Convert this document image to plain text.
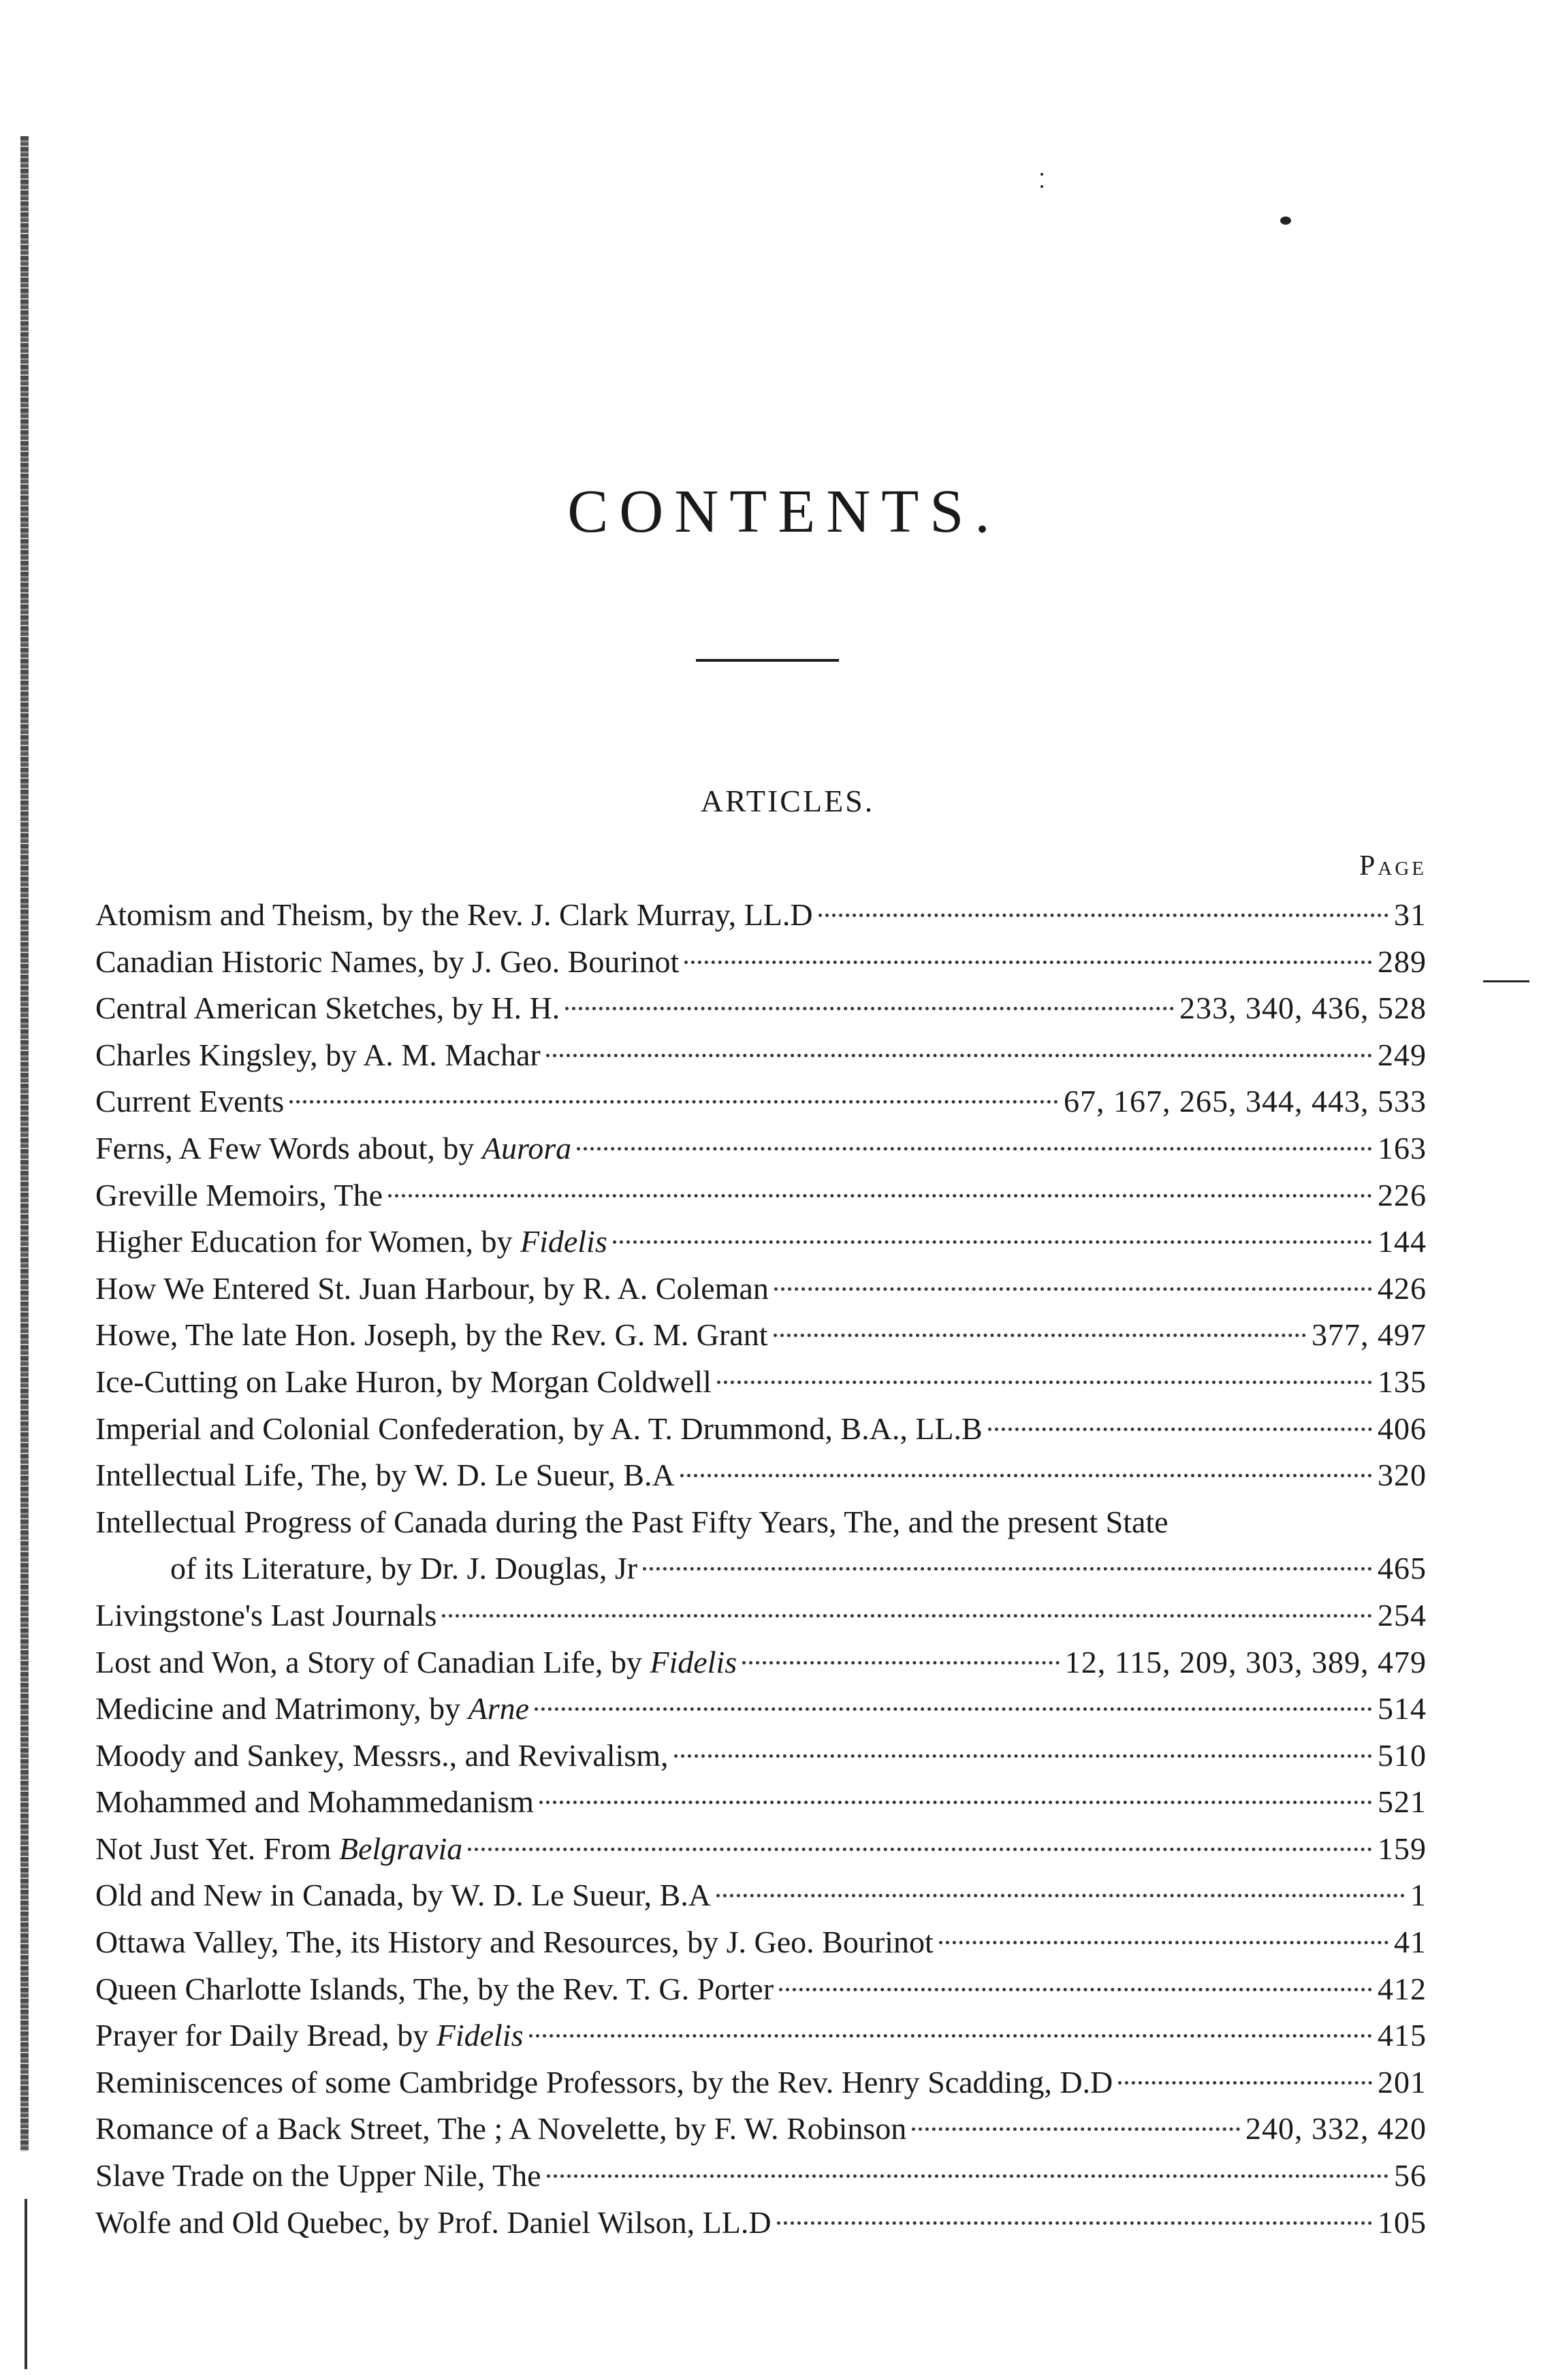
CONTENTS.
ARTICLES.
Page
Atomism and Theism, by the Rev. J. Clark Murray, LL.D	31
Canadian Historic Names, by J. Geo. Bourinot	289
Central American Sketches, by H. H.	233, 340, 436, 528
Charles Kingsley, by A. M. Machar	249
Current Events	67, 167, 265, 344, 443, 533
Ferns, A Few Words about, by Aurora	163
Greville Memoirs, The	226
Higher Education for Women, by Fidelis	144
How We Entered St. Juan Harbour, by R. A. Coleman	426
Howe, The late Hon. Joseph, by the Rev. G. M. Grant	377, 497
Ice-Cutting on Lake Huron, by Morgan Coldwell	135
Imperial and Colonial Confederation, by A. T. Drummond, B.A., LL.B	406
Intellectual Life, The, by W. D. Le Sueur, B.A	320
Intellectual Progress of Canada during the Past Fifty Years, The, and the present State
of its Literature, by Dr. J. Douglas, Jr	465
Livingstone's Last Journals	254
Lost and Won, a Story of Canadian Life, by Fidelis	12, 115, 209, 303, 389, 479
Medicine and Matrimony, by Arne	514
Moody and Sankey, Messrs., and Revivalism,	510
Mohammed and Mohammedanism	521
Not Just Yet. From Belgravia	159
Old and New in Canada, by W. D. Le Sueur, B.A	1
Ottawa Valley, The, its History and Resources, by J. Geo. Bourinot	41
Queen Charlotte Islands, The, by the Rev. T. G. Porter	412
Prayer for Daily Bread, by Fidelis	415
Reminiscences of some Cambridge Professors, by the Rev. Henry Scadding, D.D	201
Romance of a Back Street, The ; A Novelette, by F. W. Robinson	240, 332, 420
Slave Trade on the Upper Nile, The	56
Wolfe and Old Quebec, by Prof. Daniel Wilson, LL.D	105
